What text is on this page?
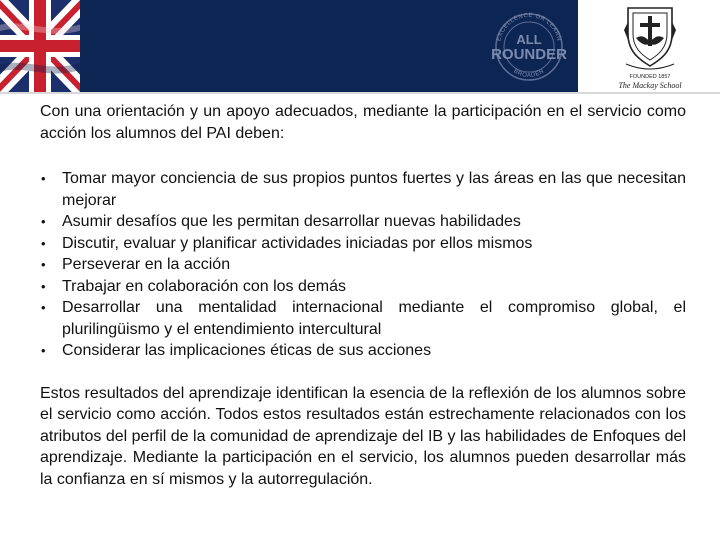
EXCELLENCE OR LEARN
ALL
ROUNDER
BROADEN
FOUNDED 1857
The Mackay School

Con una orientación y un apoyo adecuados, mediante la participación en el servicio como acción los alumnos del PAI deben:

• Tomar mayor conciencia de sus propios puntos fuertes y las áreas en las que necesitan mejorar
• Asumir desafíos que les permitan desarrollar nuevas habilidades
• Discutir, evaluar y planificar actividades iniciadas por ellos mismos
• Perseverar en la acción
• Trabajar en colaboración con los demás
• Desarrollar una mentalidad internacional mediante el compromiso global, el plurilingüismo y el entendimiento intercultural
• Considerar las implicaciones éticas de sus acciones

Estos resultados del aprendizaje identifican la esencia de la reflexión de los alumnos sobre el servicio como acción. Todos estos resultados están estrechamente relacionados con los atributos del perfil de la comunidad de aprendizaje del IB y las habilidades de Enfoques del aprendizaje. Mediante la participación en el servicio, los alumnos pueden desarrollar más la confianza en sí mismos y la autorregulación.
